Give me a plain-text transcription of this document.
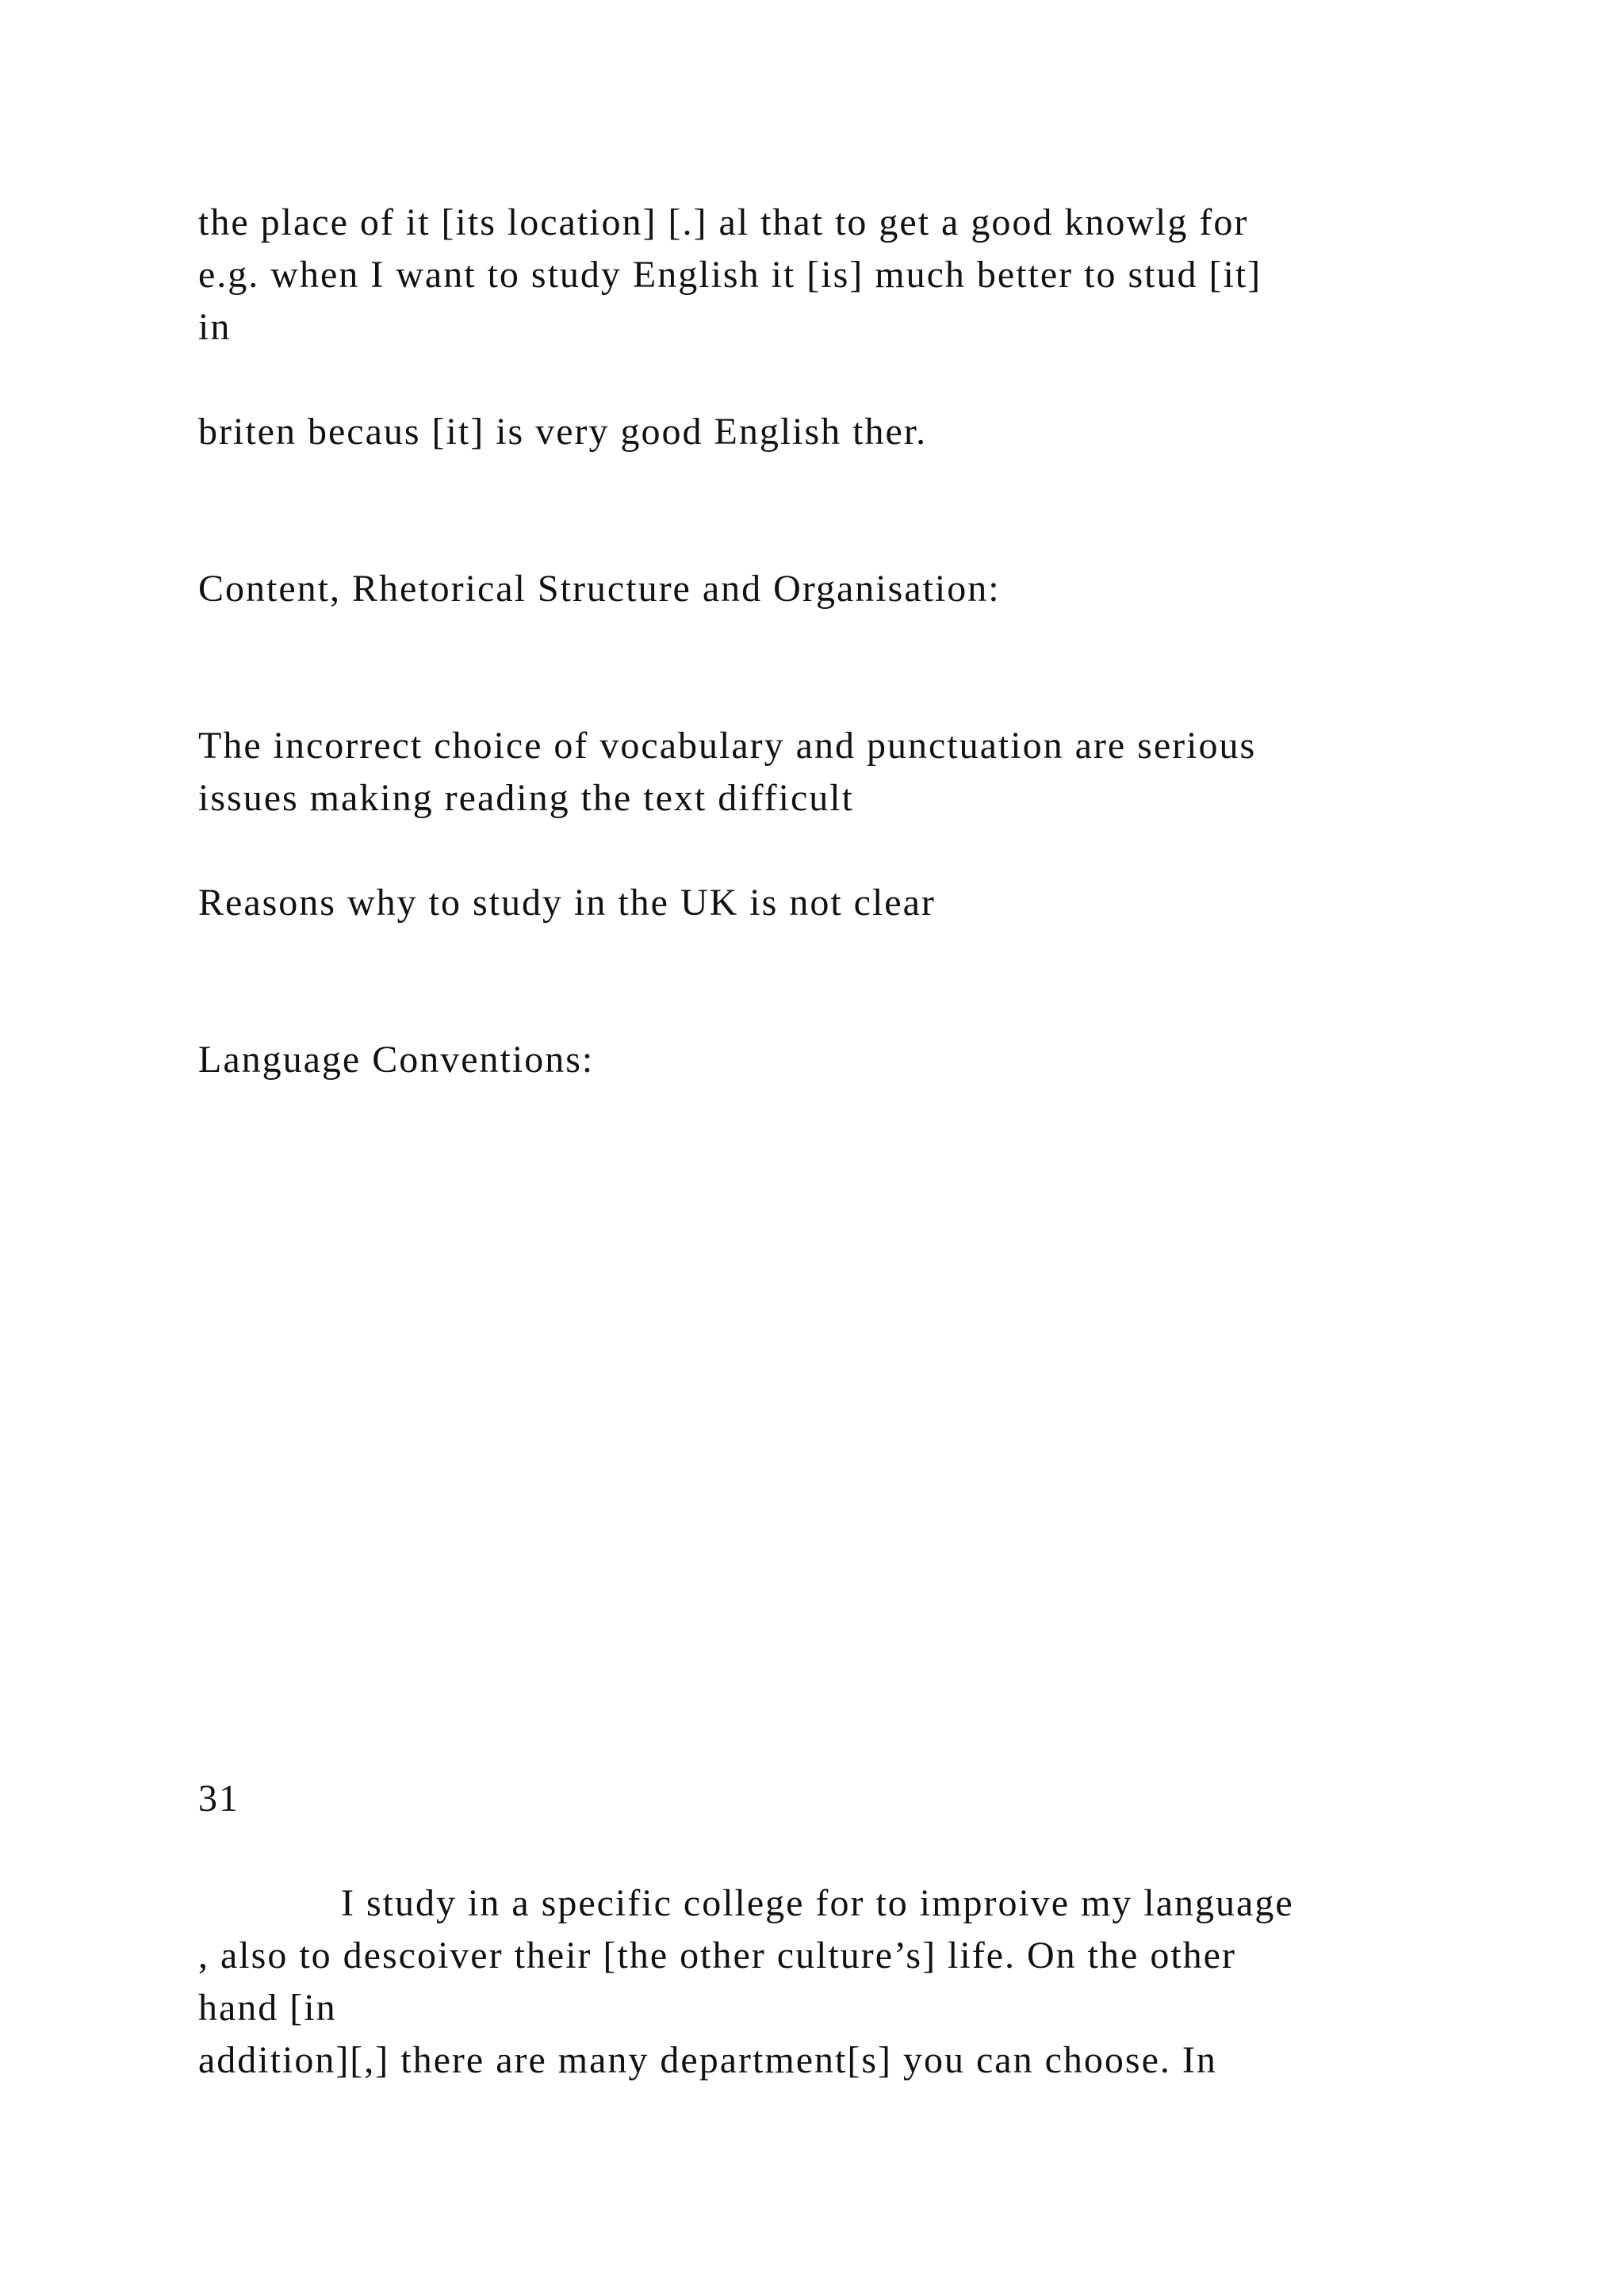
the place of it [its location] [.] al that to get a good knowlg for

e.g. when I want to study English it [is] much better to stud [it]

in

briten becaus [it] is very good English ther.

Content, Rhetorical Structure and Organisation:

The incorrect choice of vocabulary and punctuation are serious

issues making reading the text difficult

Reasons why to study in the UK is not clear

Language Conventions:

31

I study in a specific college for to improive my language

, also to descoiver their [the other culture’s] life. On the other

hand [in

addition][,] there are many department[s] you can choose. In
